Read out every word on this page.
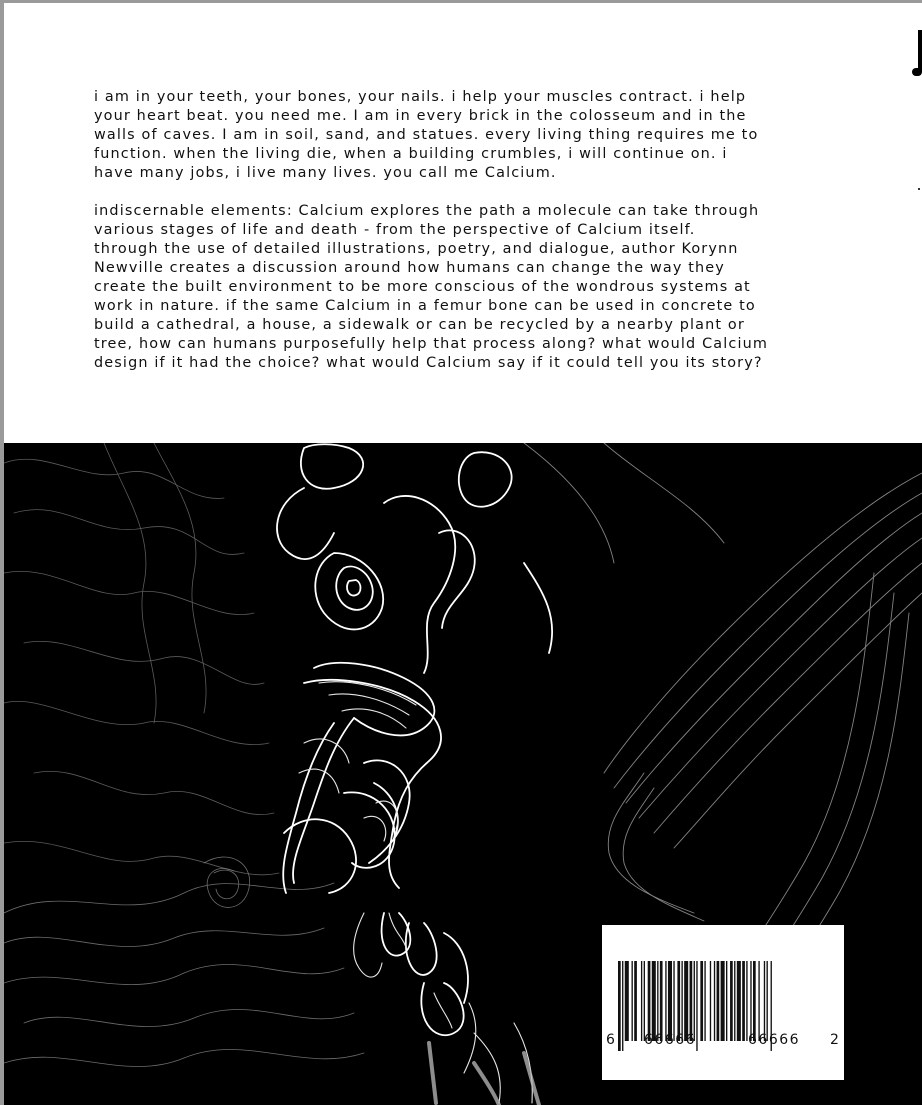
i am in your teeth, your bones, your nails. i help your muscles contract. i help
your heart beat. you need me. I am in every brick in the colosseum and in the
walls of caves. I am in soil, sand, and statues. every living thing requires me to
function. when the living die, when a building crumbles, i will continue on. i
have many jobs, i live many lives. you call me Calcium.

indiscernable elements: Calcium explores the path a molecule can take through
various stages of life and death - from the perspective of Calcium itself.
through the use of detailed illustrations, poetry, and dialogue, author Korynn
Newville creates a discussion around how humans can change the way they
create the built environment to be more conscious of the wondrous systems at
work in nature. if the same Calcium in a femur bone can be used in concrete to
build a cathedral, a house, a sidewalk or can be recycled by a nearby plant or
tree, how can humans purposefully help that process along? what would Calcium
design if it had the choice? what would Calcium say if it could tell you its story?

6 66666	66666 2
